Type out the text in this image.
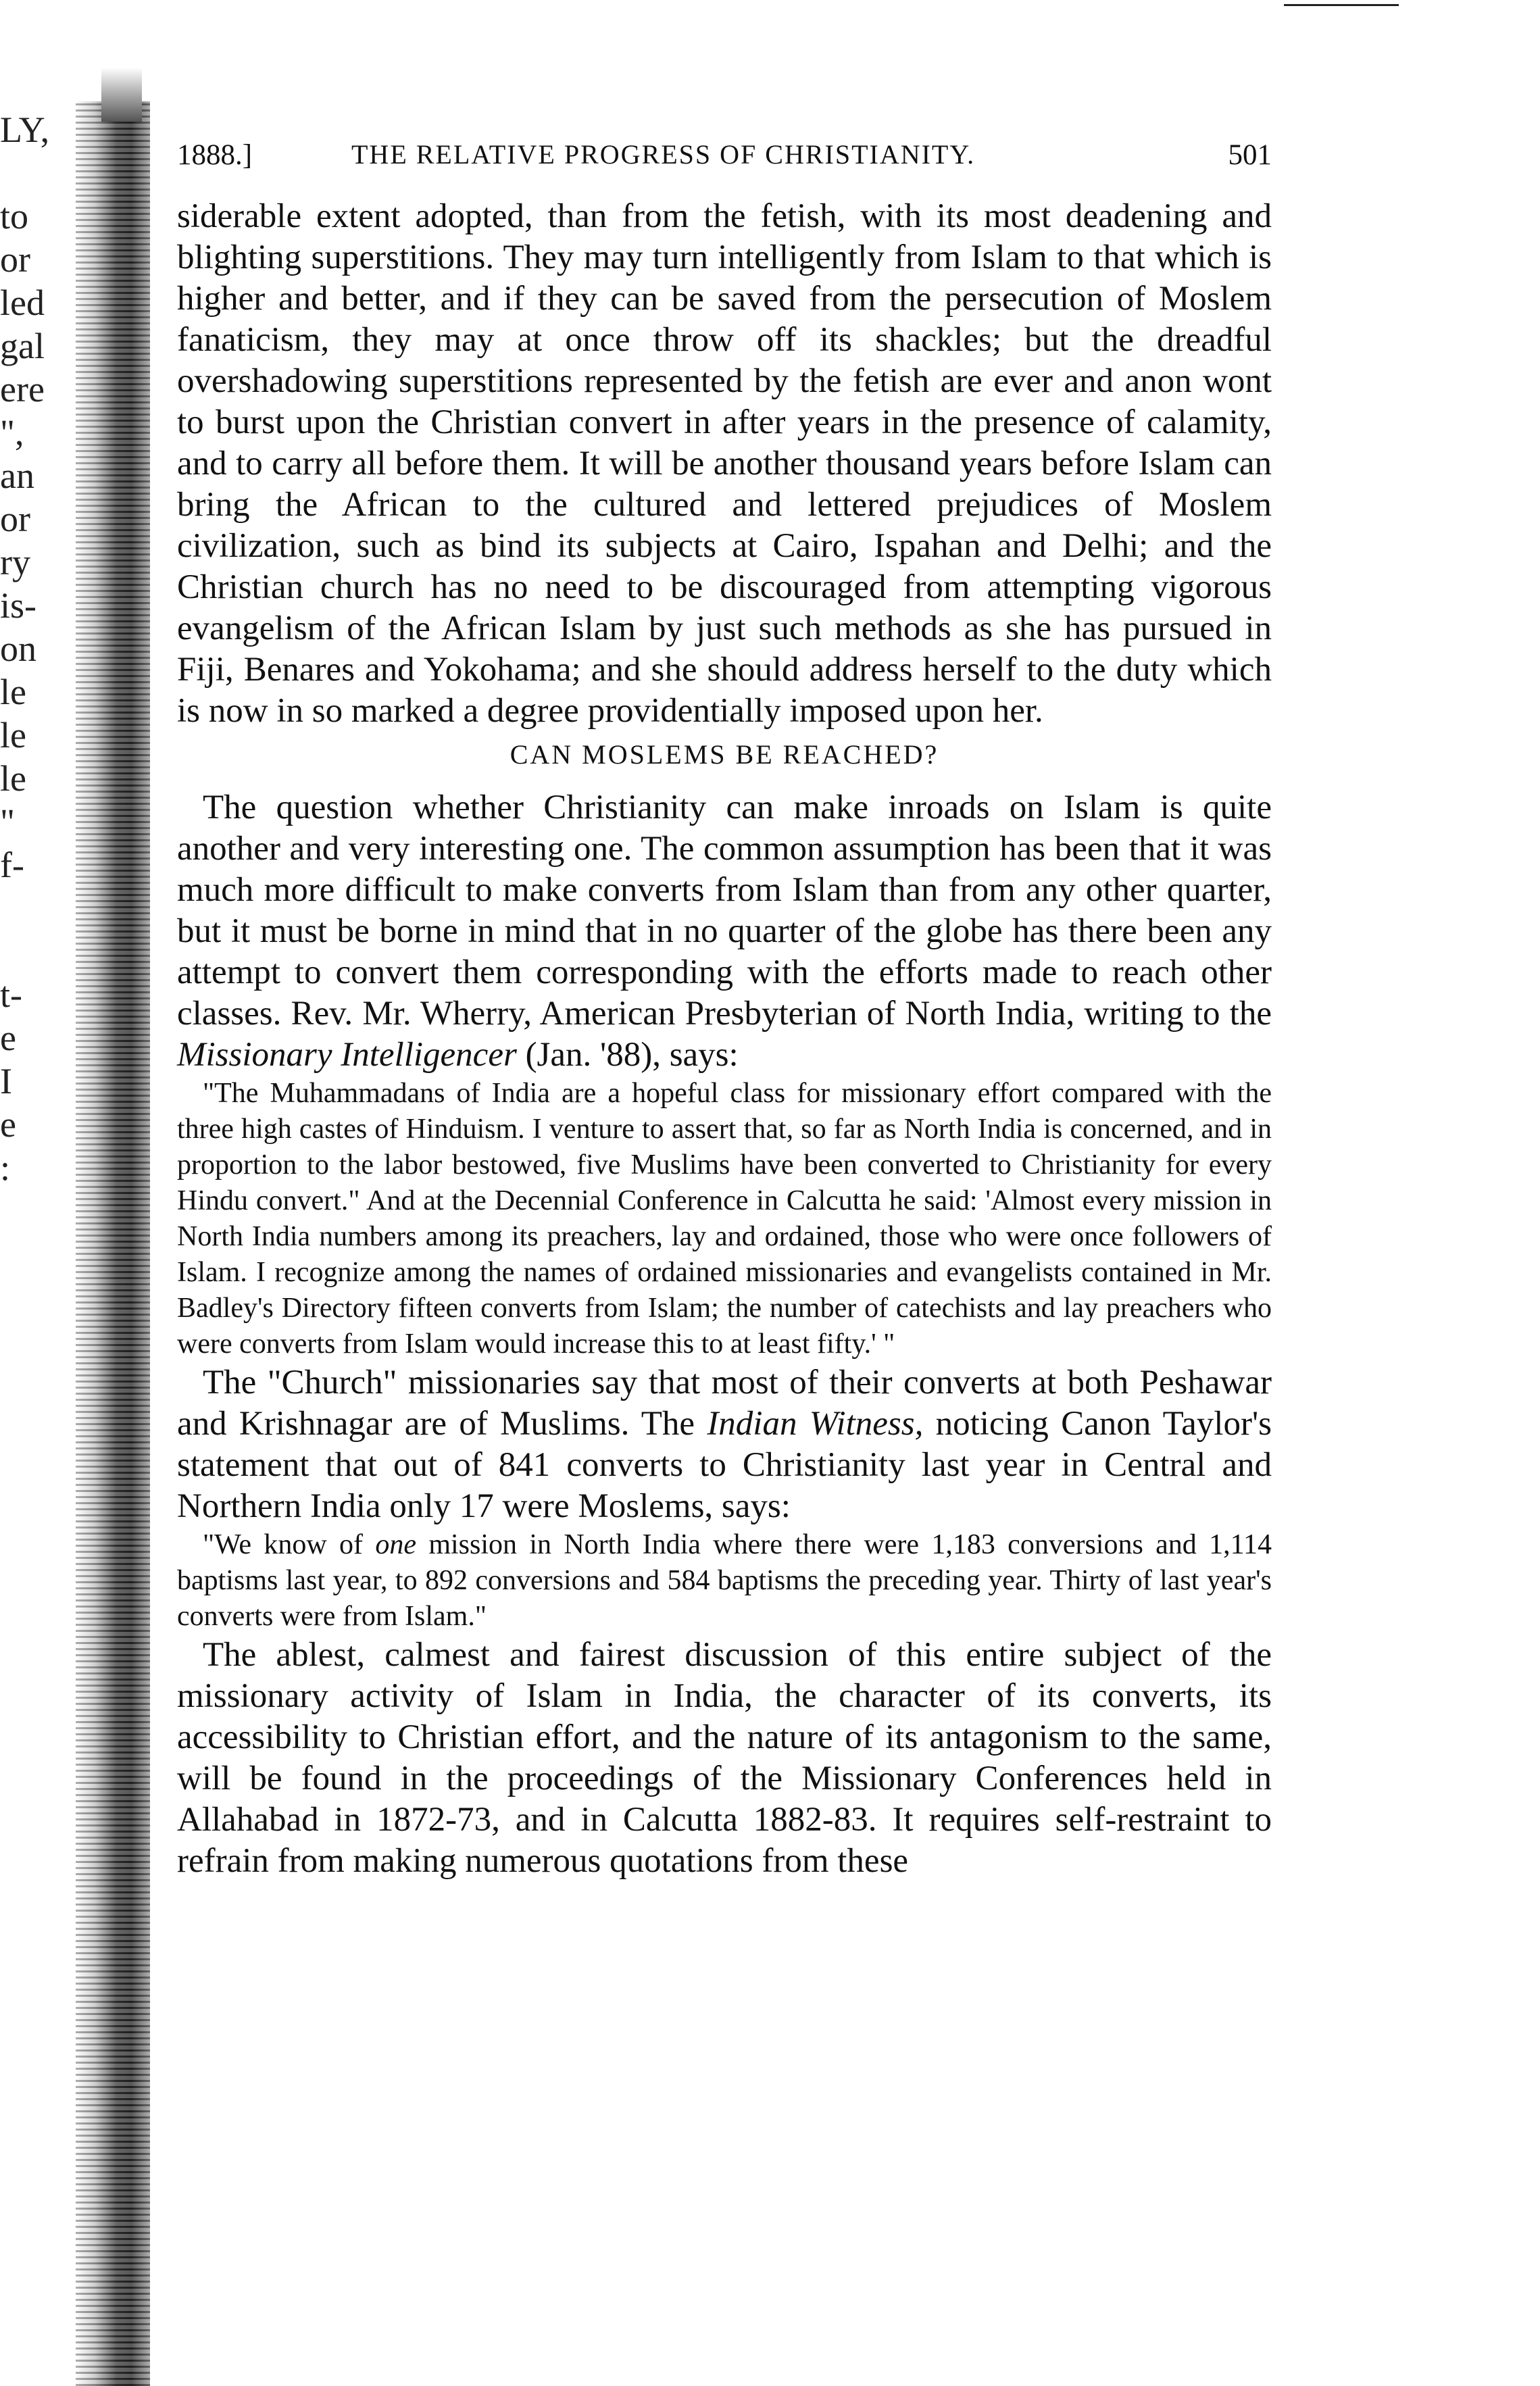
LY,
to
or
led
gal
ere
",
an
or
ry
is-
on
le
le
le
"
f-
t-
e
I
e
:
1888.]	THE RELATIVE PROGRESS OF CHRISTIANITY.	501

siderable extent adopted, than from the fetish, with its most deadening and blighting superstitions. They may turn intelligently from Islam to that which is higher and better, and if they can be saved from the persecution of Moslem fanaticism, they may at once throw off its shackles; but the dreadful overshadowing superstitions represented by the fetish are ever and anon wont to burst upon the Christian convert in after years in the presence of calamity, and to carry all before them. It will be another thousand years before Islam can bring the African to the cultured and lettered prejudices of Moslem civilization, such as bind its subjects at Cairo, Ispahan and Delhi; and the Christian church has no need to be discouraged from attempting vigorous evangelism of the African Islam by just such methods as she has pursued in Fiji, Benares and Yokohama; and she should address herself to the duty which is now in so marked a degree providentially imposed upon her.

CAN MOSLEMS BE REACHED?

The question whether Christianity can make inroads on Islam is quite another and very interesting one. The common assumption has been that it was much more difficult to make converts from Islam than from any other quarter, but it must be borne in mind that in no quarter of the globe has there been any attempt to convert them corresponding with the efforts made to reach other classes. Rev. Mr. Wherry, American Presbyterian of North India, writing to the Missionary Intelligencer (Jan. '88), says:

"The Muhammadans of India are a hopeful class for missionary effort compared with the three high castes of Hinduism. I venture to assert that, so far as North India is concerned, and in proportion to the labor bestowed, five Muslims have been converted to Christianity for every Hindu convert." And at the Decennial Conference in Calcutta he said: 'Almost every mission in North India numbers among its preachers, lay and ordained, those who were once followers of Islam. I recognize among the names of ordained missionaries and evangelists contained in Mr. Badley's Directory fifteen converts from Islam; the number of catechists and lay preachers who were converts from Islam would increase this to at least fifty.' "

The "Church" missionaries say that most of their converts at both Peshawar and Krishnagar are of Muslims. The Indian Witness, noticing Canon Taylor's statement that out of 841 converts to Christianity last year in Central and Northern India only 17 were Moslems, says:

"We know of one mission in North India where there were 1,183 conversions and 1,114 baptisms last year, to 892 conversions and 584 baptisms the preceding year. Thirty of last year's converts were from Islam."

The ablest, calmest and fairest discussion of this entire subject of the missionary activity of Islam in India, the character of its converts, its accessibility to Christian effort, and the nature of its antagonism to the same, will be found in the proceedings of the Missionary Conferences held in Allahabad in 1872-73, and in Calcutta 1882-83. It requires self-restraint to refrain from making numerous quotations from these
